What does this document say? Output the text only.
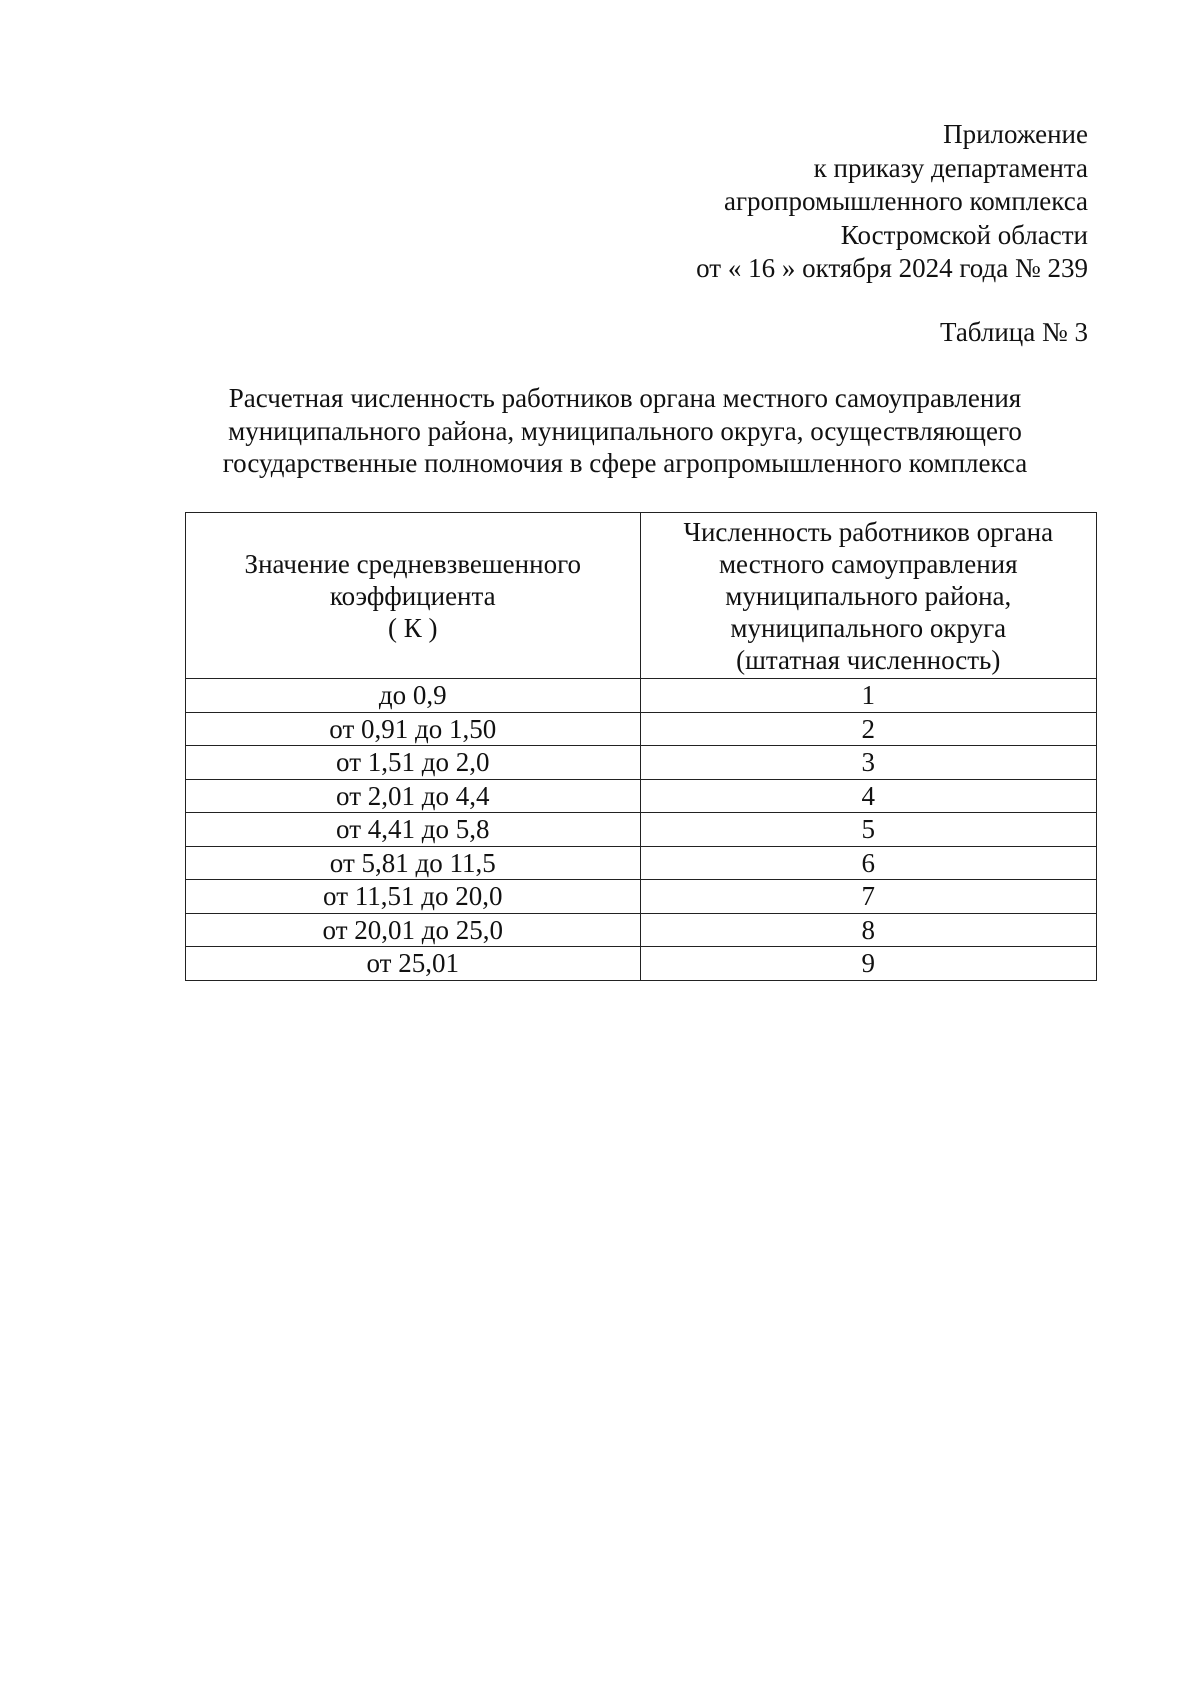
Приложение
к приказу департамента
агропромышленного комплекса
Костромской области
от « 16 » октября 2024 года № 239
Таблица № 3
Расчетная численность работников органа местного самоуправления
муниципального района, муниципального округа, осуществляющего
государственные полномочия в сфере агропромышленного комплекса
Значение средневзвешенного
коэффициента
( К )	Численность работников органа
местного самоуправления
муниципального района,
муниципального округа
(штатная численность)

до 0,9	1
от 0,91 до 1,50	2
от 1,51 до 2,0	3
от 2,01 до 4,4	4
от 4,41 до 5,8	5
от 5,81 до 11,5	6
от 11,51 до 20,0	7
от 20,01 до 25,0	8
от 25,01	9
